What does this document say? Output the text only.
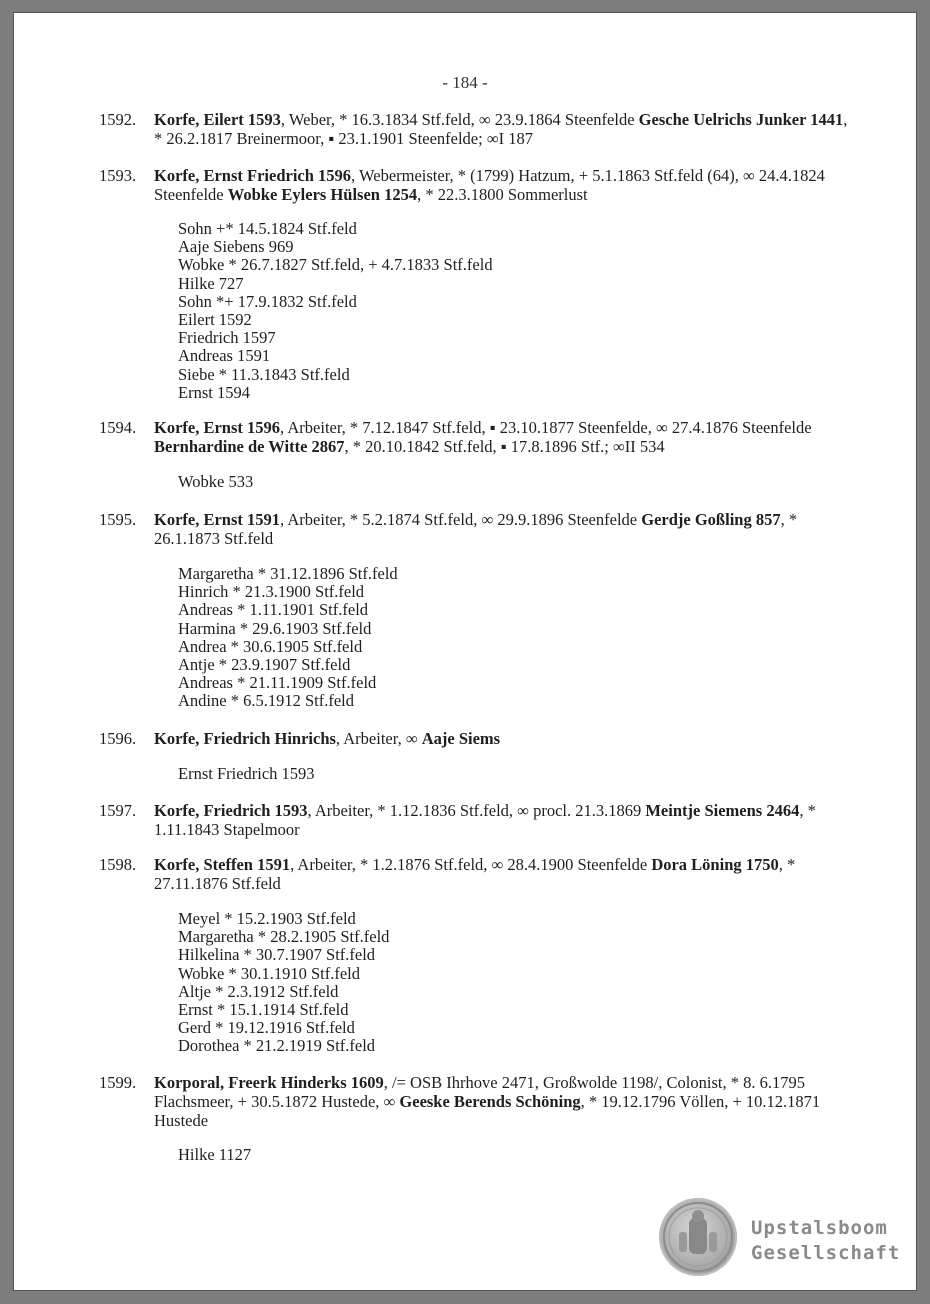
- 184 -
1592.	Korfe, Eilert 1593, Weber, * 16.3.1834 Stf.feld, ∞ 23.9.1864 Steenfelde Gesche Uelrichs Junker 1441, * 26.2.1817 Breinermoor, ▪ 23.1.1901 Steenfelde; ∞I 187
1593.	Korfe, Ernst Friedrich 1596, Webermeister, * (1799) Hatzum, + 5.1.1863 Stf.feld (64), ∞ 24.4.1824 Steenfelde Wobke Eylers Hülsen 1254, * 22.3.1800 Sommerlust
Sohn +* 14.5.1824 Stf.feld
Aaje Siebens 969
Wobke * 26.7.1827 Stf.feld, + 4.7.1833 Stf.feld
Hilke 727
Sohn *+ 17.9.1832 Stf.feld
Eilert 1592
Friedrich 1597
Andreas 1591
Siebe * 11.3.1843 Stf.feld
Ernst 1594
1594.	Korfe, Ernst 1596, Arbeiter, * 7.12.1847 Stf.feld, ▪ 23.10.1877 Steenfelde, ∞ 27.4.1876 Steenfelde Bernhardine de Witte 2867, * 20.10.1842 Stf.feld, ▪ 17.8.1896 Stf.; ∞II 534
Wobke 533
1595.	Korfe, Ernst 1591, Arbeiter, * 5.2.1874 Stf.feld, ∞ 29.9.1896 Steenfelde Gerdje Goßling 857, * 26.1.1873 Stf.feld
Margaretha * 31.12.1896 Stf.feld
Hinrich * 21.3.1900 Stf.feld
Andreas * 1.11.1901 Stf.feld
Harmina * 29.6.1903 Stf.feld
Andrea * 30.6.1905 Stf.feld
Antje * 23.9.1907 Stf.feld
Andreas * 21.11.1909 Stf.feld
Andine * 6.5.1912 Stf.feld
1596.	Korfe, Friedrich Hinrichs, Arbeiter, ∞ Aaje Siems
Ernst Friedrich 1593
1597.	Korfe, Friedrich 1593, Arbeiter, * 1.12.1836 Stf.feld, ∞ procl. 21.3.1869 Meintje Siemens 2464, * 1.11.1843 Stapelmoor
1598.	Korfe, Steffen 1591, Arbeiter, * 1.2.1876 Stf.feld, ∞ 28.4.1900 Steenfelde Dora Löning 1750, * 27.11.1876 Stf.feld
Meyel * 15.2.1903 Stf.feld
Margaretha * 28.2.1905 Stf.feld
Hilkelina * 30.7.1907 Stf.feld
Wobke * 30.1.1910 Stf.feld
Altje * 2.3.1912 Stf.feld
Ernst * 15.1.1914 Stf.feld
Gerd * 19.12.1916 Stf.feld
Dorothea * 21.2.1919 Stf.feld
1599.	Korporal, Freerk Hinderks 1609, /= OSB Ihrhove 2471, Großwolde 1198/, Colonist, * 8. 6.1795 Flachsmeer, + 30.5.1872 Hustede, ∞ Geeske Berends Schöning, * 19.12.1796 Völlen, + 10.12.1871 Hustede
Hilke 1127
Upstalsboom
Gesellschaft
